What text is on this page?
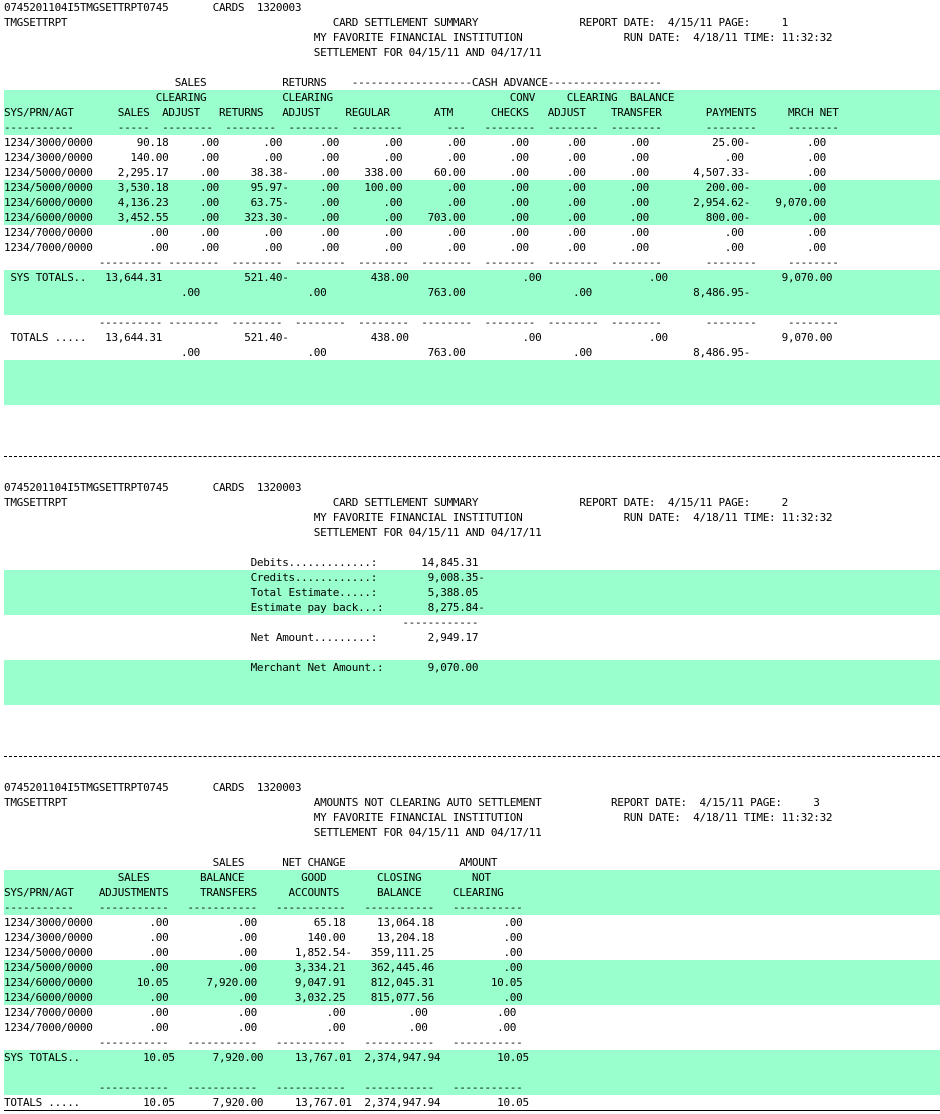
0745201104I5TMGSETTRPT0745       CARDS  1320003
TMGSETTRPT                                          CARD SETTLEMENT SUMMARY                REPORT DATE:  4/15/11 PAGE:     1
MY FAVORITE FINANCIAL INSTITUTION                RUN DATE:  4/18/11 TIME: 11:32:32
SETTLEMENT FOR 04/15/11 AND 04/17/11
SALES            RETURNS    -------------------CASH ADVANCE------------------
CLEARING            CLEARING                            CONV     CLEARING  BALANCE
SYS/PRN/AGT       SALES  ADJUST   RETURNS   ADJUST    REGULAR       ATM      CHECKS   ADJUST    TRANSFER       PAYMENTS     MRCH NET
-----------       -----  --------  --------  --------  --------       ---   --------  --------  --------       --------     --------
1234/3000/0000       90.18     .00       .00      .00       .00       .00       .00      .00       .00          25.00-         .00
1234/3000/0000      140.00     .00       .00      .00       .00       .00       .00      .00       .00            .00          .00
1234/5000/0000    2,295.17     .00     38.38-     .00    338.00     60.00       .00      .00       .00       4,507.33-         .00
1234/5000/0000    3,530.18     .00     95.97-     .00    100.00       .00       .00      .00       .00         200.00-         .00
1234/6000/0000    4,136.23     .00     63.75-     .00       .00       .00       .00      .00       .00       2,954.62-    9,070.00
1234/6000/0000    3,452.55     .00    323.30-     .00       .00    703.00       .00      .00       .00         800.00-         .00
1234/7000/0000         .00     .00       .00      .00       .00       .00       .00      .00       .00            .00          .00
1234/7000/0000         .00     .00       .00      .00       .00       .00       .00      .00       .00            .00          .00
---------- --------  --------  --------  --------  --------  --------  --------  --------       --------     --------
SYS TOTALS..   13,644.31             521.40-             438.00                  .00                 .00                  9,070.00
.00                 .00                763.00                 .00                8,486.95-
---------- --------  --------  --------  --------  --------  --------  --------  --------       --------     --------
TOTALS .....   13,644.31             521.40-             438.00                  .00                 .00                  9,070.00
.00                 .00                763.00                 .00                8,486.95-
0745201104I5TMGSETTRPT0745       CARDS  1320003
TMGSETTRPT                                          CARD SETTLEMENT SUMMARY                REPORT DATE:  4/15/11 PAGE:     2
MY FAVORITE FINANCIAL INSTITUTION                RUN DATE:  4/18/11 TIME: 11:32:32
SETTLEMENT FOR 04/15/11 AND 04/17/11
Debits.............:       14,845.31
Credits............:        9,008.35-
Total Estimate.....:        5,388.05
Estimate pay back...:       8,275.84-
------------
Net Amount.........:        2,949.17
Merchant Net Amount.:       9,070.00
0745201104I5TMGSETTRPT0745       CARDS  1320003
TMGSETTRPT                                       AMOUNTS NOT CLEARING AUTO SETTLEMENT           REPORT DATE:  4/15/11 PAGE:     3
MY FAVORITE FINANCIAL INSTITUTION                RUN DATE:  4/18/11 TIME: 11:32:32
SETTLEMENT FOR 04/15/11 AND 04/17/11
SALES      NET CHANGE                  AMOUNT
SALES        BALANCE         GOOD        CLOSING        NOT
SYS/PRN/AGT    ADJUSTMENTS     TRANSFERS     ACCOUNTS      BALANCE     CLEARING
-----------    -----------   -----------   -----------   -----------   -----------
1234/3000/0000         .00           .00         65.18     13,064.18           .00
1234/3000/0000         .00           .00        140.00     13,204.18           .00
1234/5000/0000         .00           .00      1,852.54-   359,111.25           .00
1234/5000/0000         .00           .00      3,334.21    362,445.46           .00
1234/6000/0000       10.05      7,920.00      9,047.91    812,045.31         10.05
1234/6000/0000         .00           .00      3,032.25    815,077.56           .00
1234/7000/0000         .00           .00           .00          .00           .00
1234/7000/0000         .00           .00           .00          .00           .00
-----------   -----------   -----------   -----------   -----------
SYS TOTALS..          10.05      7,920.00     13,767.01  2,374,947.94         10.05
-----------   -----------   -----------   -----------   -----------
TOTALS .....          10.05      7,920.00     13,767.01  2,374,947.94         10.05
